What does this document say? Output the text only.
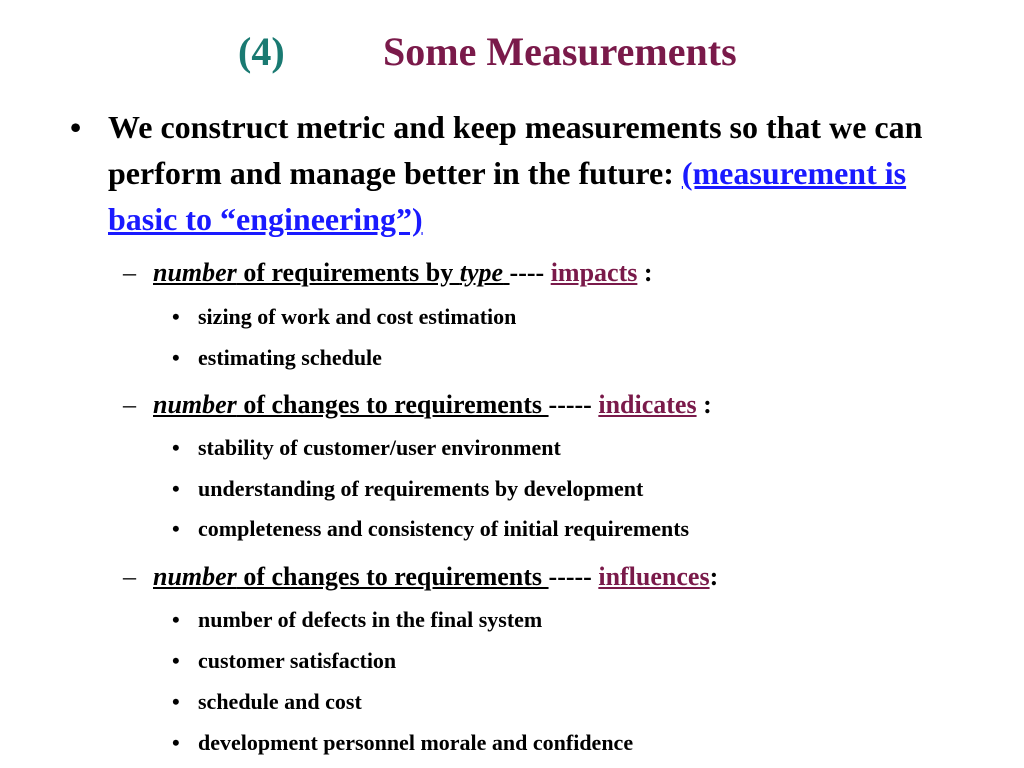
(4) Some Measurements
• We construct metric and keep measurements so that we can perform and manage better in the future: (measurement is basic to “engineering”)
– number of requirements by type ---- impacts :
• sizing of work and cost estimation
• estimating schedule
– number of changes to requirements ----- indicates :
• stability of customer/user environment
• understanding of requirements by development
• completeness and consistency of initial requirements
– number of changes to requirements ----- influences:
• number of defects in the final system
• customer satisfaction
• schedule and cost
• development personnel morale and confidence
